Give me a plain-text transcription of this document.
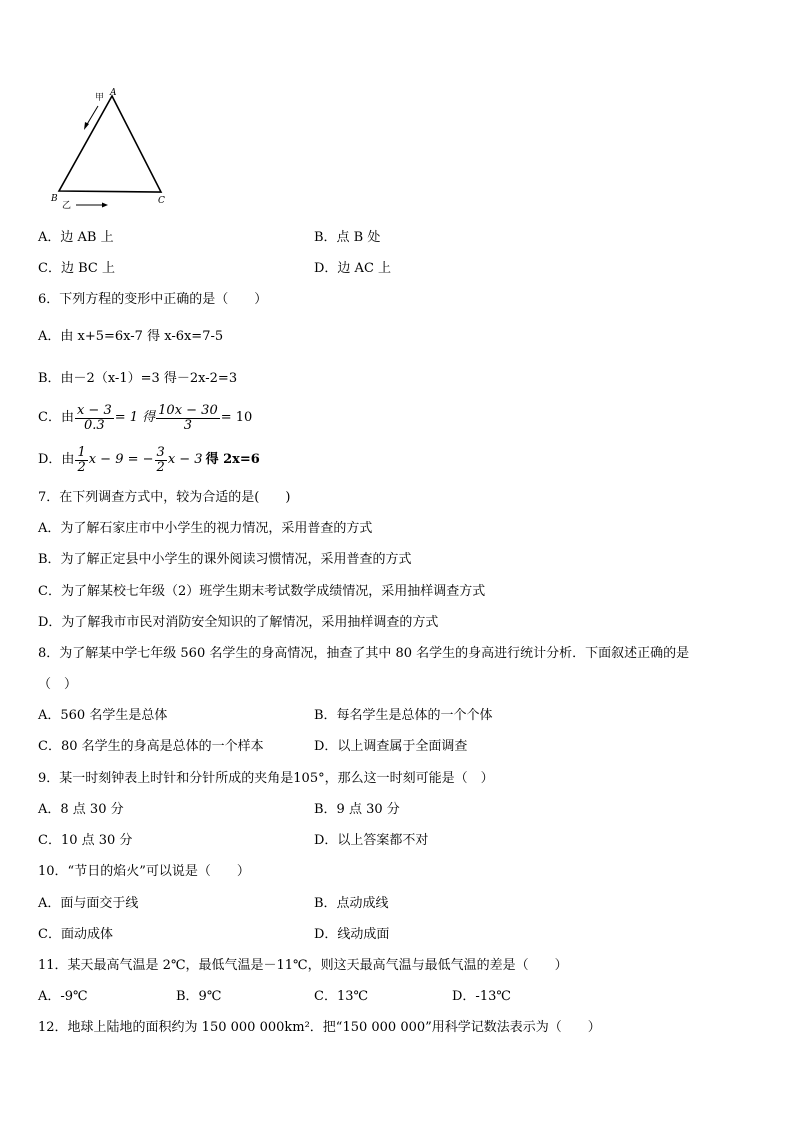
A
B	C
甲
乙
A．边 AB 上	B．点 B 处
C．边 BC 上	D．边 AC 上
6．下列方程的变形中正确的是（　　）
A．由 x+5=6x-7 得 x-6x=7-5
B．由－2（x-1）=3 得－2x-2=3
C．由 $\frac{x - 3}{0.3} = 1$ 得 $\frac{10x - 30}{3} = 10$
D．由 $\frac{1}{2}$ x − 9 = − $\frac{3}{2}$ x − 3 得 2x=6
7．在下列调查方式中，较为合适的是(　　)
A．为了解石家庄市中小学生的视力情况，采用普查的方式
B．为了解正定县中小学生的课外阅读习惯情况，采用普查的方式
C．为了解某校七年级（2）班学生期末考试数学成绩情况，采用抽样调查方式
D．为了解我市市民对消防安全知识的了解情况，采用抽样调查的方式
8．为了解某中学七年级 560 名学生的身高情况，抽查了其中 80 名学生的身高进行统计分析．下面叙述正确的是
（　）
A．560 名学生是总体	B．每名学生是总体的一个个体
C．80 名学生的身高是总体的一个样本	D．以上调查属于全面调查
9．某一时刻钟表上时针和分针所成的夹角是105°，那么这一时刻可能是（　）
A．8 点 30 分	B．9 点 30 分
C．10 点 30 分	D．以上答案都不对
10．“节日的焰火”可以说是（　　）
A．面与面交于线	B．点动成线
C．面动成体	D．线动成面
11．某天最高气温是 2℃，最低气温是－11℃，则这天最高气温与最低气温的差是（　　）
A．-9℃	B．9℃	C．13℃	D．-13℃
12．地球上陆地的面积约为 150 000 000km²．把“150 000 000”用科学记数法表示为（　　）
